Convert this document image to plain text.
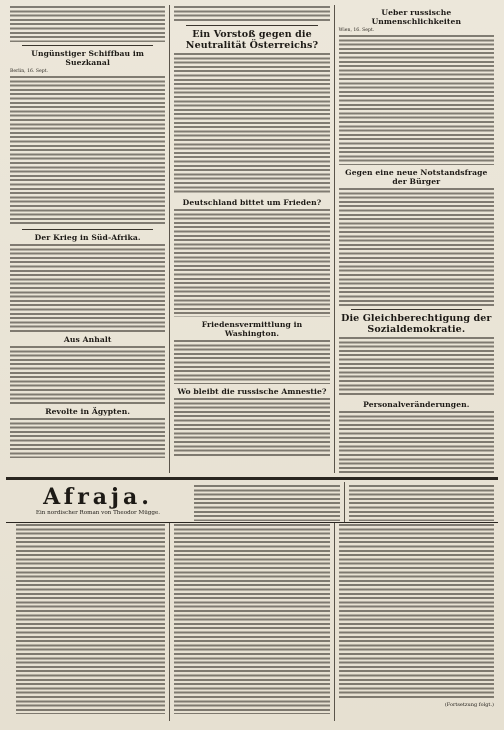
Ungünstiger Schiffbau im Suezkanal
Berlin, 16. Sept.
Der Krieg in Süd-Afrika.
Aus Anhalt
Revolte in Ägypten.
Ein Vorstoß gegen die Neutralität Österreichs?
Deutschland bittet um Frieden?
Friedensvermittlung in Washington.
Wo bleibt die russische Amnestie?
Ueber russische Unmenschlichkeiten
Wien, 16. Sept.
Gegen eine neue Notstandsfrage der Bürger
Die Gleichberechtigung der Sozialdemokratie.
Personalveränderungen.
Afraja.
Ein nordischer Roman von Theodor Mügge.
(Fortsetzung folgt.)
